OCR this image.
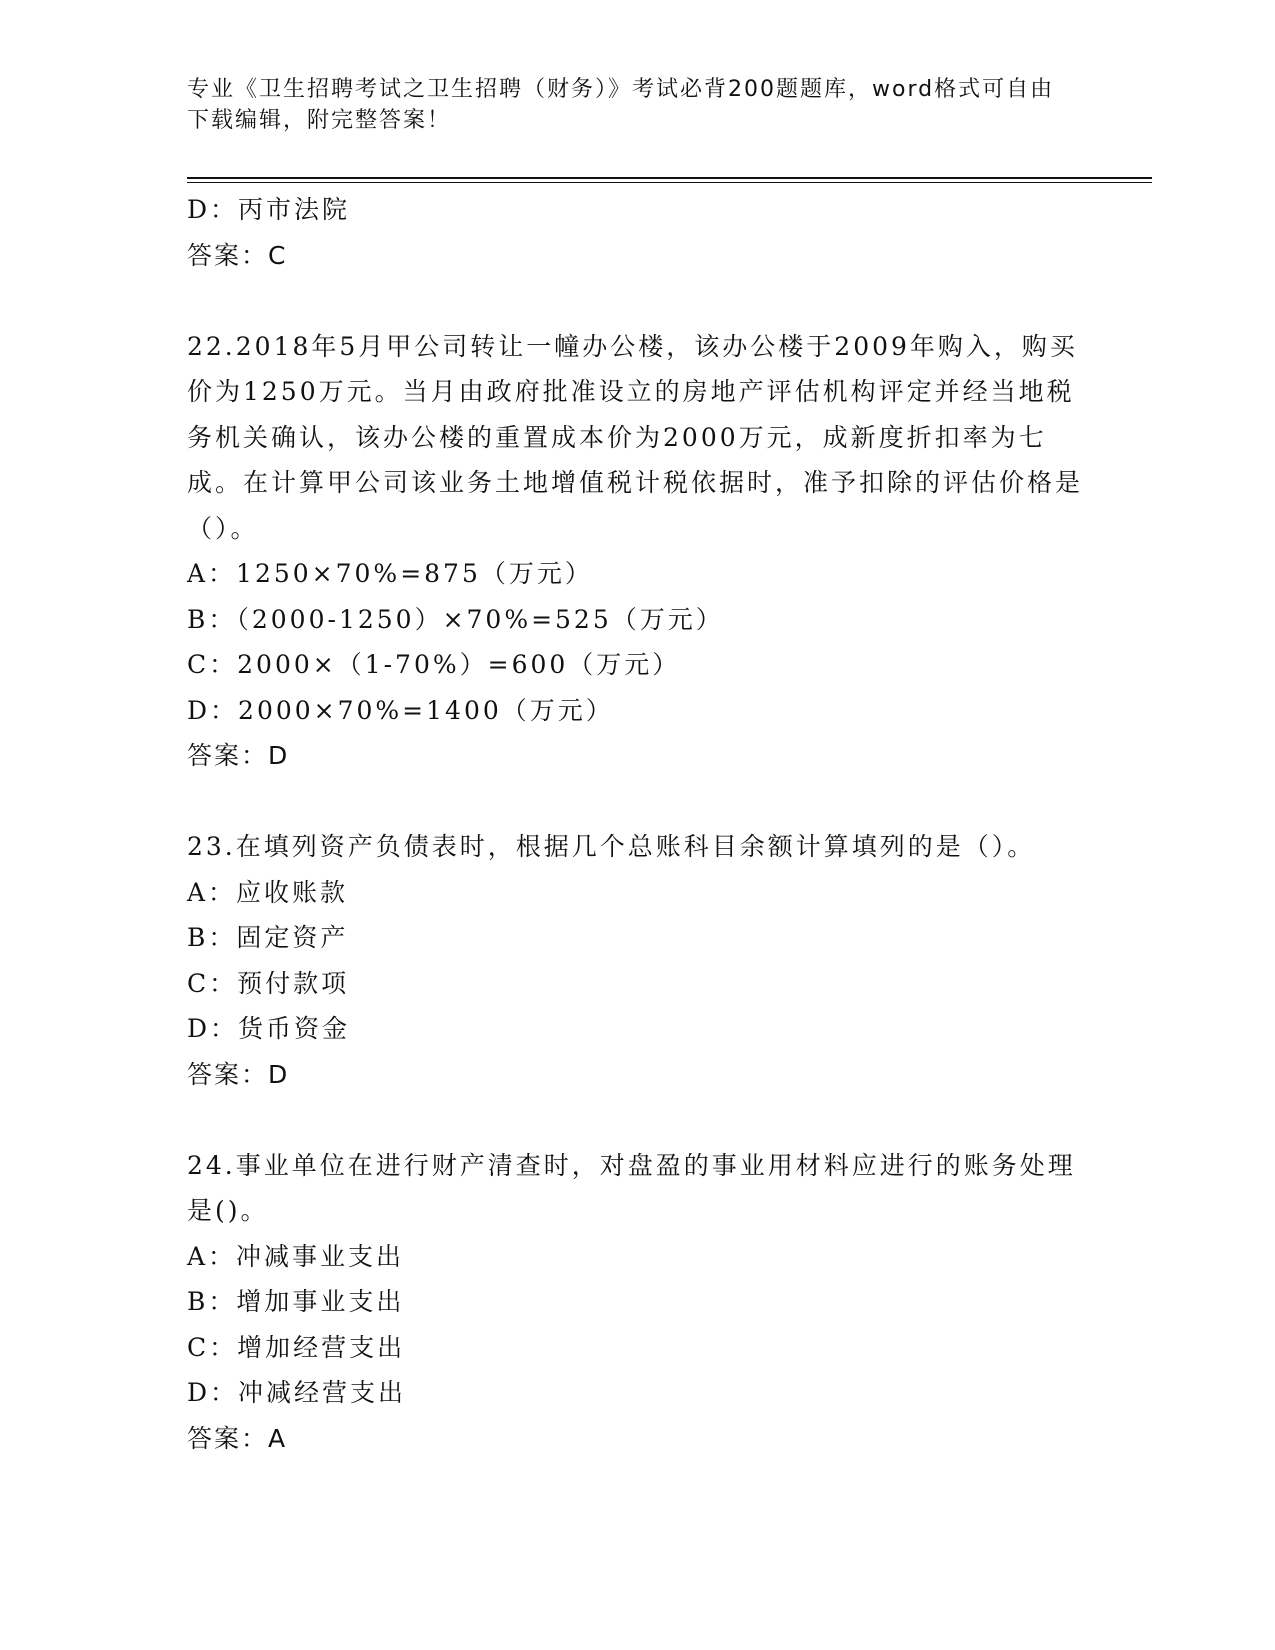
专业《卫生招聘考试之卫生招聘（财务）》考试必背200题题库，word格式可自由下载编辑，附完整答案！
D：丙市法院
答案：C
22.2018年5月甲公司转让一幢办公楼，该办公楼于2009年购入，购买价为1250万元。当月由政府批准设立的房地产评估机构评定并经当地税务机关确认，该办公楼的重置成本价为2000万元，成新度折扣率为七成。在计算甲公司该业务土地增值税计税依据时，准予扣除的评估价格是（）。
A：1250×70%=875（万元）
B：（2000-1250）×70%=525（万元）
C：2000×（1-70%）=600（万元）
D：2000×70%=1400（万元）
答案：D
23.在填列资产负债表时，根据几个总账科目余额计算填列的是（）。
A：应收账款
B：固定资产
C：预付款项
D：货币资金
答案：D
24.事业单位在进行财产清查时，对盘盈的事业用材料应进行的账务处理是()。
A：冲减事业支出
B：增加事业支出
C：增加经营支出
D：冲减经营支出
答案：A
